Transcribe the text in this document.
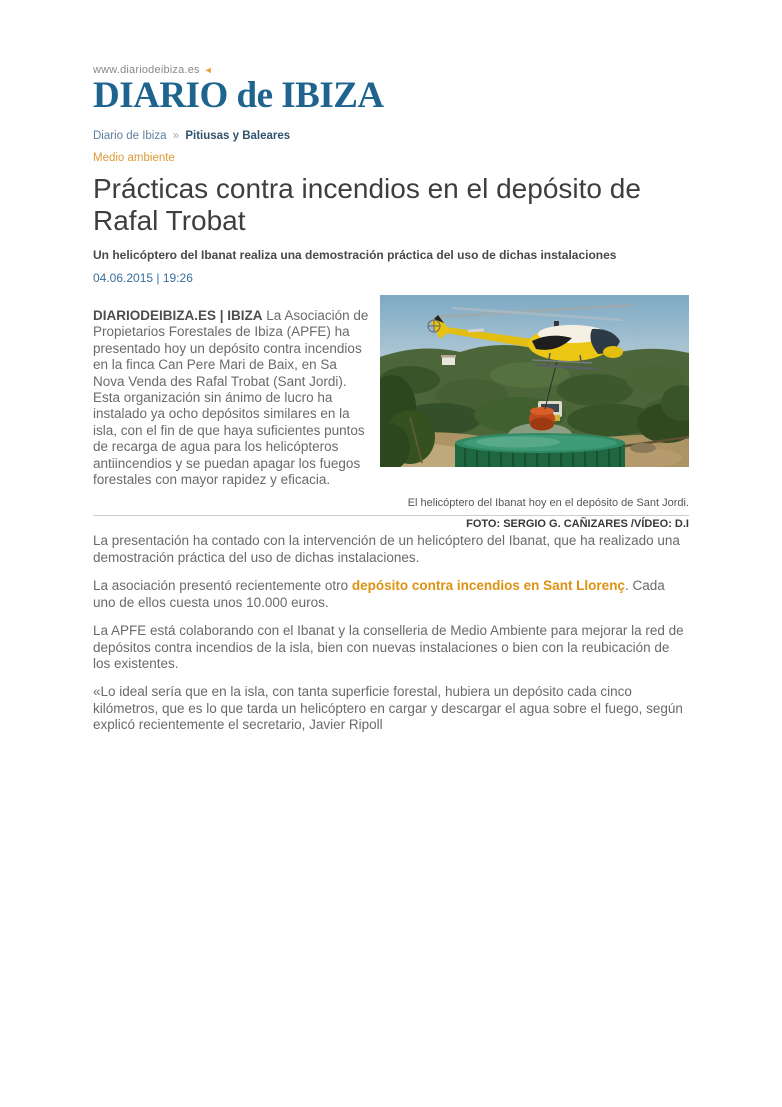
www.diariodeibiza.es ◄
DIARIO de IBIZA
Diario de Ibiza » Pitiusas y Baleares
Medio ambiente
Prácticas contra incendios en el depósito de Rafal Trobat
Un helicóptero del Ibanat realiza una demostración práctica del uso de dichas instalaciones
04.06.2015 | 19:26
DIARIODEIBIZA.ES | IBIZA La Asociación de Propietarios Forestales de Ibiza (APFE) ha presentado hoy un depósito contra incendios en la finca Can Pere Mari de Baix, en Sa Nova Venda des Rafal Trobat (Sant Jordi). Esta organización sin ánimo de lucro ha instalado ya ocho depósitos similares en la isla, con el fin de que haya suficientes puntos de recarga de agua para los helicópteros antiincendios y se puedan apagar los fuegos forestales con mayor rapidez y eficacia.
El helicóptero del Ibanat hoy en el depósito de Sant Jordi.
FOTO: SERGIO G. CAÑIZARES /VÍDEO: D.I

La presentación ha contado con la intervención de un helicóptero del Ibanat, que ha realizado una demostración práctica del uso de dichas instalaciones.

La asociación presentó recientemente otro depósito contra incendios en Sant Llorenç. Cada uno de ellos cuesta unos 10.000 euros.

La APFE está colaborando con el Ibanat y la conselleria de Medio Ambiente para mejorar la red de depósitos contra incendios de la isla, bien con nuevas instalaciones o bien con la reubicación de los existentes.

«Lo ideal sería que en la isla, con tanta superficie forestal, hubiera un depósito cada cinco kilómetros, que es lo que tarda un helicóptero en cargar y descargar el agua sobre el fuego, según explicó recientemente el secretario, Javier Ripoll
